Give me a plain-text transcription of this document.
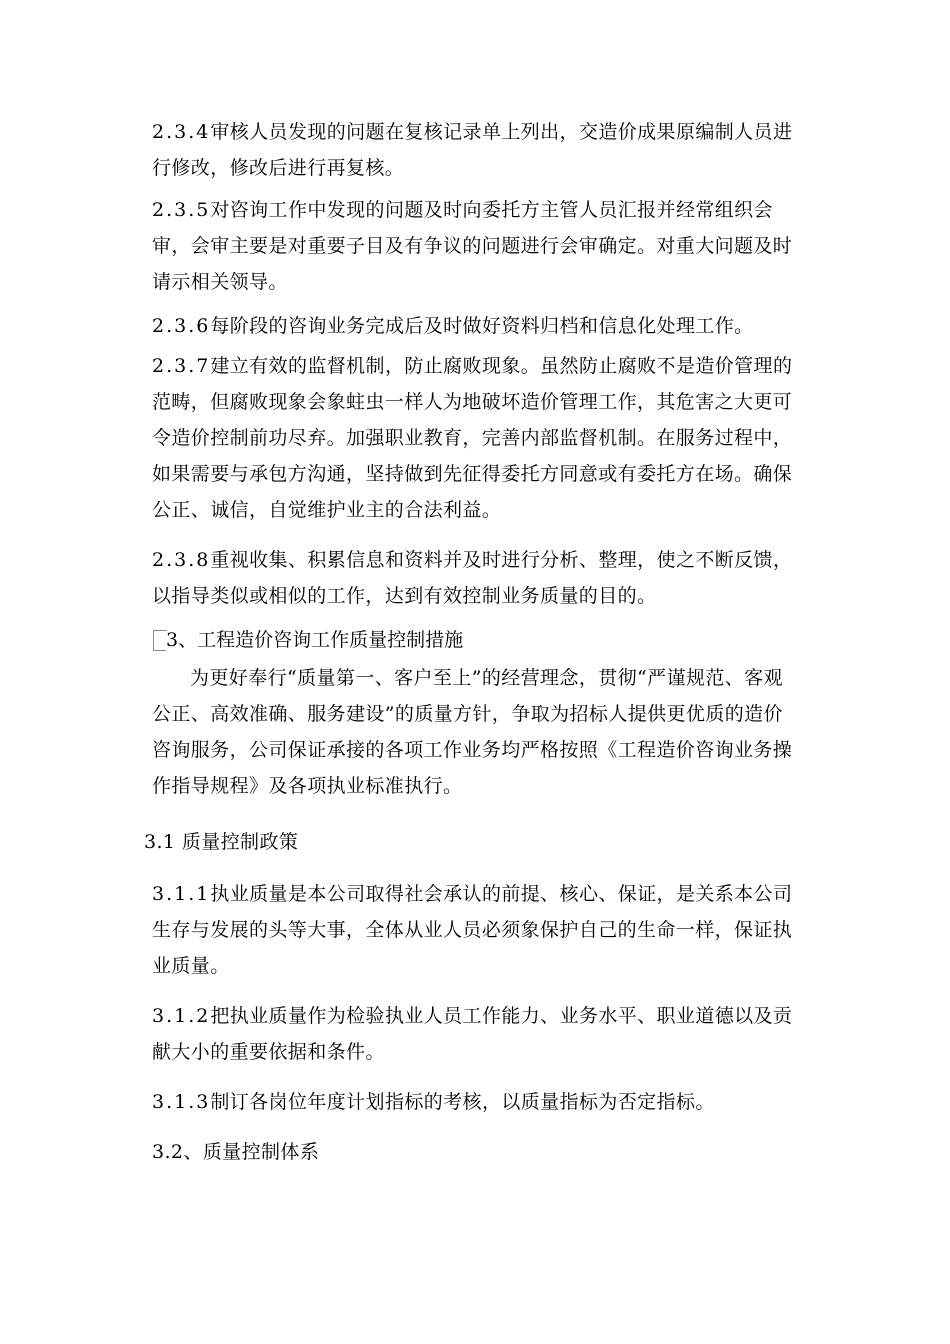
2.3.4审核人员发现的问题在复核记录单上列出，交造价成果原编制人员进行修改，修改后进行再复核。

2.3.5对咨询工作中发现的问题及时向委托方主管人员汇报并经常组织会审，会审主要是对重要子目及有争议的问题进行会审确定。对重大问题及时请示相关领导。

2.3.6每阶段的咨询业务完成后及时做好资料归档和信息化处理工作。

2.3.7建立有效的监督机制，防止腐败现象。虽然防止腐败不是造价管理的范畴，但腐败现象会象蛀虫一样人为地破坏造价管理工作，其危害之大更可令造价控制前功尽弃。加强职业教育，完善内部监督机制。在服务过程中，如果需要与承包方沟通，坚持做到先征得委托方同意或有委托方在场。确保公正、诚信，自觉维护业主的合法利益。

2.3.8重视收集、积累信息和资料并及时进行分析、整理，使之不断反馈，以指导类似或相似的工作，达到有效控制业务质量的目的。

3、工程造价咨询工作质量控制措施

为更好奉行“质量第一、客户至上”的经营理念，贯彻“严谨规范、客观公正、高效准确、服务建设”的质量方针，争取为招标人提供更优质的造价咨询服务，公司保证承接的各项工作业务均严格按照《工程造价咨询业务操作指导规程》及各项执业标准执行。

3.1 质量控制政策

3.1.1执业质量是本公司取得社会承认的前提、核心、保证，是关系本公司生存与发展的头等大事，全体从业人员必须象保护自己的生命一样，保证执业质量。

3.1.2把执业质量作为检验执业人员工作能力、业务水平、职业道德以及贡献大小的重要依据和条件。

3.1.3制订各岗位年度计划指标的考核，以质量指标为否定指标。

3.2、质量控制体系
